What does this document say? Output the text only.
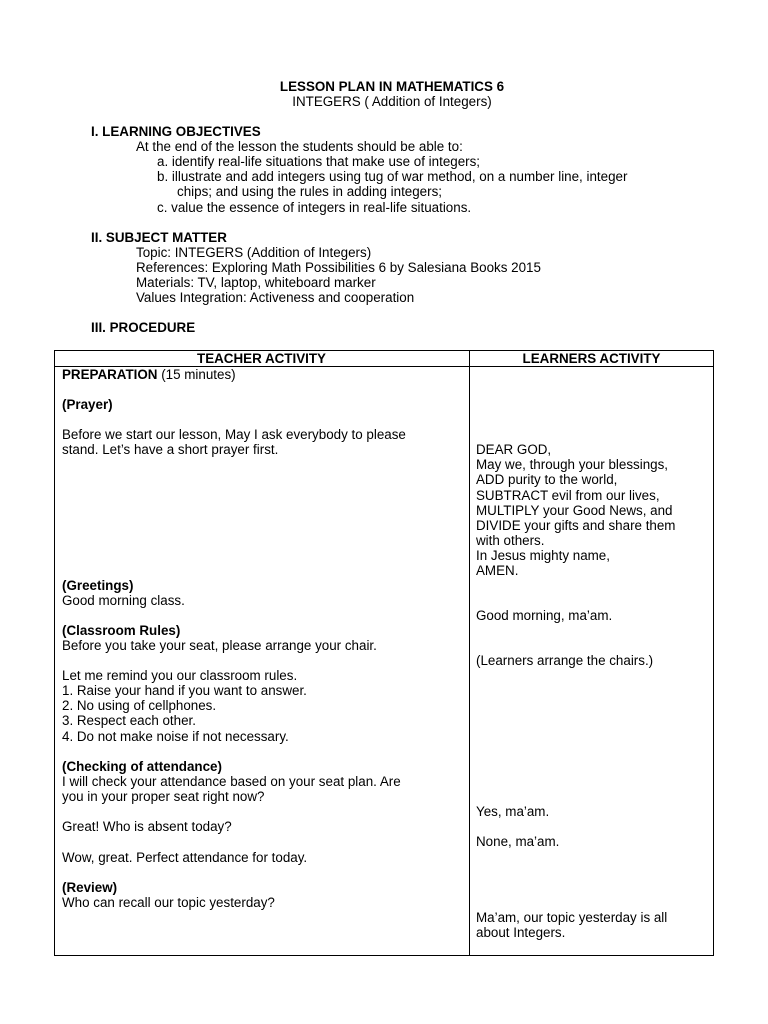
LESSON PLAN IN MATHEMATICS 6
INTEGERS ( Addition of Integers)
I. LEARNING OBJECTIVES
At the end of the lesson the students should be able to:
a. identify real-life situations that make use of integers;
b. illustrate and add integers using tug of war method, on a number line, integer
chips; and using the rules in adding integers;
c. value the essence of integers in real-life situations.
II. SUBJECT MATTER
Topic: INTEGERS (Addition of Integers)
References: Exploring Math Possibilities 6 by Salesiana Books 2015
Materials: TV, laptop, whiteboard marker
Values Integration: Activeness and cooperation
III. PROCEDURE
TEACHER ACTIVITY	LEARNERS ACTIVITY
PREPARATION (15 minutes)
(Prayer)
Before we start our lesson, May I ask everybody to please
stand. Let’s have a short prayer first.	DEAR GOD,
May we, through your blessings,
ADD purity to the world,
SUBTRACT evil from our lives,
MULTIPLY your Good News, and
DIVIDE your gifts and share them
with others.
In Jesus mighty name,
AMEN.
(Greetings)
Good morning class.
Good morning, ma’am.
(Classroom Rules)
Before you take your seat, please arrange your chair.
(Learners arrange the chairs.)
Let me remind you our classroom rules.
1. Raise your hand if you want to answer.
2. No using of cellphones.
3. Respect each other.
4. Do not make noise if not necessary.
(Checking of attendance)
I will check your attendance based on your seat plan. Are
you in your proper seat right now?
Yes, ma’am.
Great! Who is absent today?
None, ma’am.
Wow, great. Perfect attendance for today.
(Review)
Who can recall our topic yesterday?
Ma’am, our topic yesterday is all
about Integers.
